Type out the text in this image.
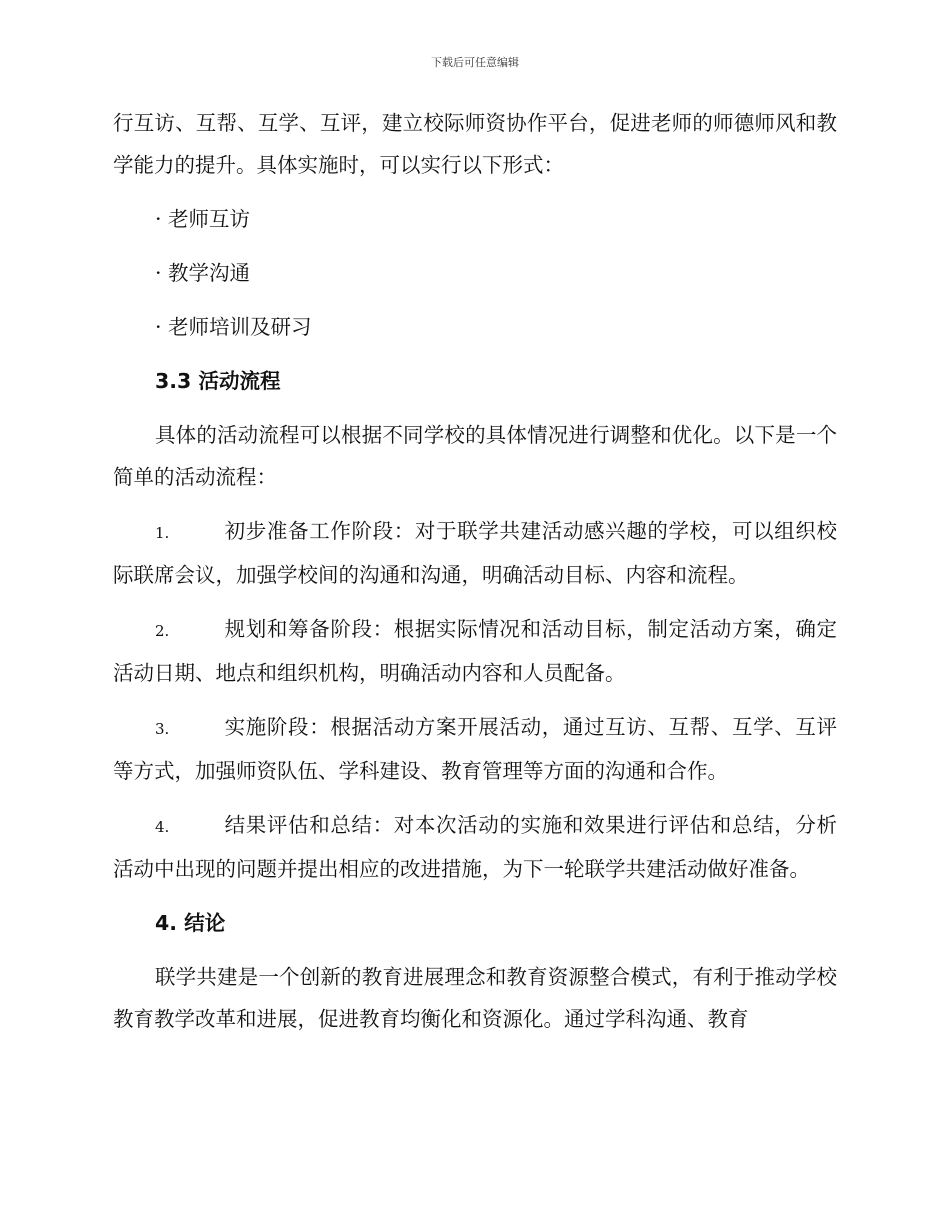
下载后可任意编辑

行互访、互帮、互学、互评，建立校际师资协作平台，促进老师的师德师风和教学能力的提升。具体实施时，可以实行以下形式：

· 老师互访

· 教学沟通

· 老师培训及研习

3.3 活动流程

具体的活动流程可以根据不同学校的具体情况进行调整和优化。以下是一个简单的活动流程：

1.	初步准备工作阶段：对于联学共建活动感兴趣的学校，可以组织校际联席会议，加强学校间的沟通和沟通，明确活动目标、内容和流程。

2.	规划和筹备阶段：根据实际情况和活动目标，制定活动方案，确定活动日期、地点和组织机构，明确活动内容和人员配备。

3.	实施阶段：根据活动方案开展活动，通过互访、互帮、互学、互评等方式，加强师资队伍、学科建设、教育管理等方面的沟通和合作。

4.	结果评估和总结：对本次活动的实施和效果进行评估和总结，分析活动中出现的问题并提出相应的改进措施，为下一轮联学共建活动做好准备。

4. 结论

联学共建是一个创新的教育进展理念和教育资源整合模式，有利于推动学校教育教学改革和进展，促进教育均衡化和资源化。通过学科沟通、教育
